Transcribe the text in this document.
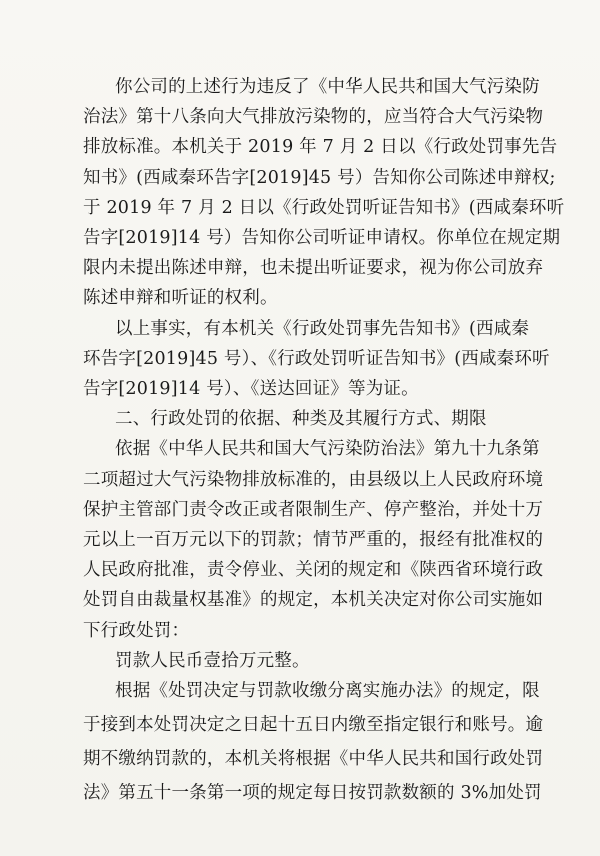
你公司的上述行为违反了《中华人民共和国大气污染防
治法》第十八条向大气排放污染物的，应当符合大气污染物
排放标准。本机关于 2019 年 7 月 2 日以《行政处罚事先告
知书》(西咸秦环告字[2019]45 号）告知你公司陈述申辩权;
于 2019 年 7 月 2 日以《行政处罚听证告知书》(西咸秦环听
告字[2019]14 号）告知你公司听证申请权。你单位在规定期
限内未提出陈述申辩，也未提出听证要求，视为你公司放弃
陈述申辩和听证的权利。
以上事实，有本机关《行政处罚事先告知书》(西咸秦
环告字[2019]45 号）、《行政处罚听证告知书》(西咸秦环听
告字[2019]14 号）、《送达回证》等为证。
二、行政处罚的依据、种类及其履行方式、期限
依据《中华人民共和国大气污染防治法》第九十九条第
二项超过大气污染物排放标准的，由县级以上人民政府环境
保护主管部门责令改正或者限制生产、停产整治，并处十万
元以上一百万元以下的罚款；情节严重的，报经有批准权的
人民政府批准，责令停业、关闭的规定和《陕西省环境行政
处罚自由裁量权基准》的规定，本机关决定对你公司实施如
下行政处罚：
罚款人民币壹拾万元整。
根据《处罚决定与罚款收缴分离实施办法》的规定，限
于接到本处罚决定之日起十五日内缴至指定银行和账号。逾
期不缴纳罚款的，本机关将根据《中华人民共和国行政处罚
法》第五十一条第一项的规定每日按罚款数额的 3%加处罚
